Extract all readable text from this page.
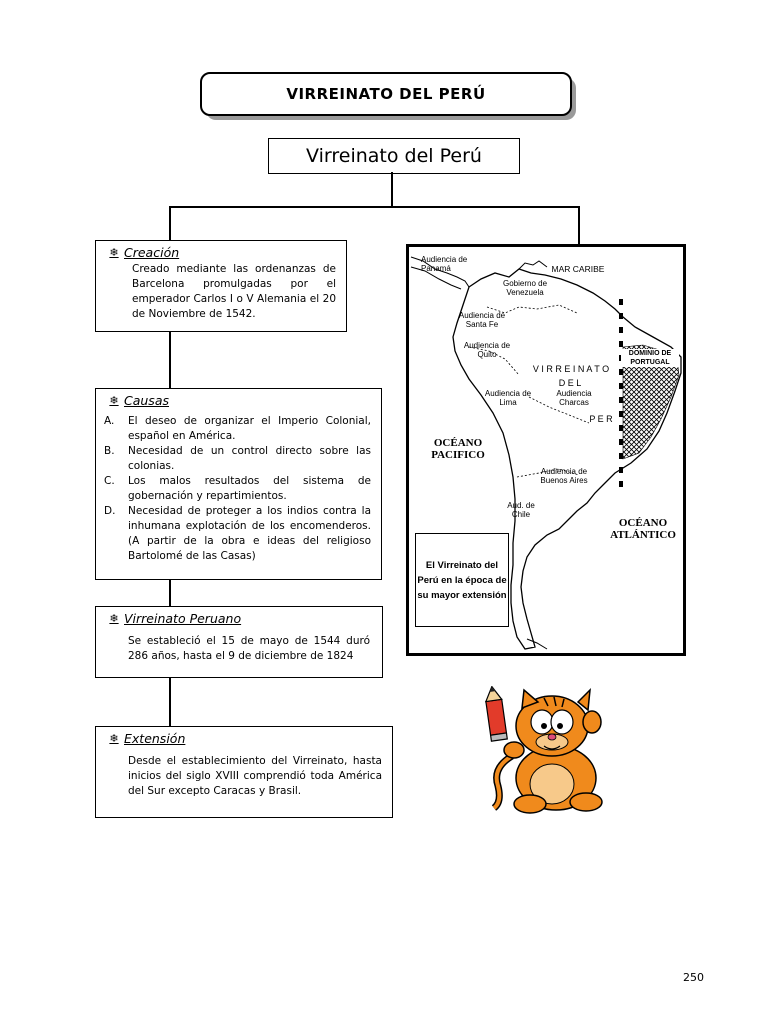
VIRREINATO DEL PERÚ
Virreinato del Perú
❄ Creación
Creado mediante las ordenanzas de Barcelona promulgadas por el emperador Carlos I o V Alemania el 20 de Noviembre de 1542.
❄ Causas
A.	El deseo de organizar el Imperio Colonial, español en América.
B.	Necesidad de un control directo sobre las colonias.
C.	Los malos resultados del sistema de gobernación y repartimientos.
D.	Necesidad de proteger a los indios contra la inhumana explotación de los encomenderos. (A partir de la obra e ideas del religioso Bartolomé de las Casas)
❄ Virreinato Peruano
Se estableció el 15 de mayo de 1544 duró 286 años, hasta el 9 de diciembre de 1824
❄ Extensión
Desde el establecimiento del Virreinato, hasta inicios del siglo XVIII comprendió toda América del Sur excepto Caracas y Brasil.
Audiencia de Panamá	MAR CARIBE
Gobierno de Venezuela
Audiencia de Santa Fe
Audiencia de Quito
V I R R E I N A T O
D E L
Audiencia de Lima
Audiencia Charcas
P E R
DOMINIO DE PORTUGAL
OCÉANO PACIFICO
Audiencia de Buenos Aires
Aud. de Chile
OCÉANO ATLÁNTICO
El Virreinato del Perú en la época de su mayor extensión
250
